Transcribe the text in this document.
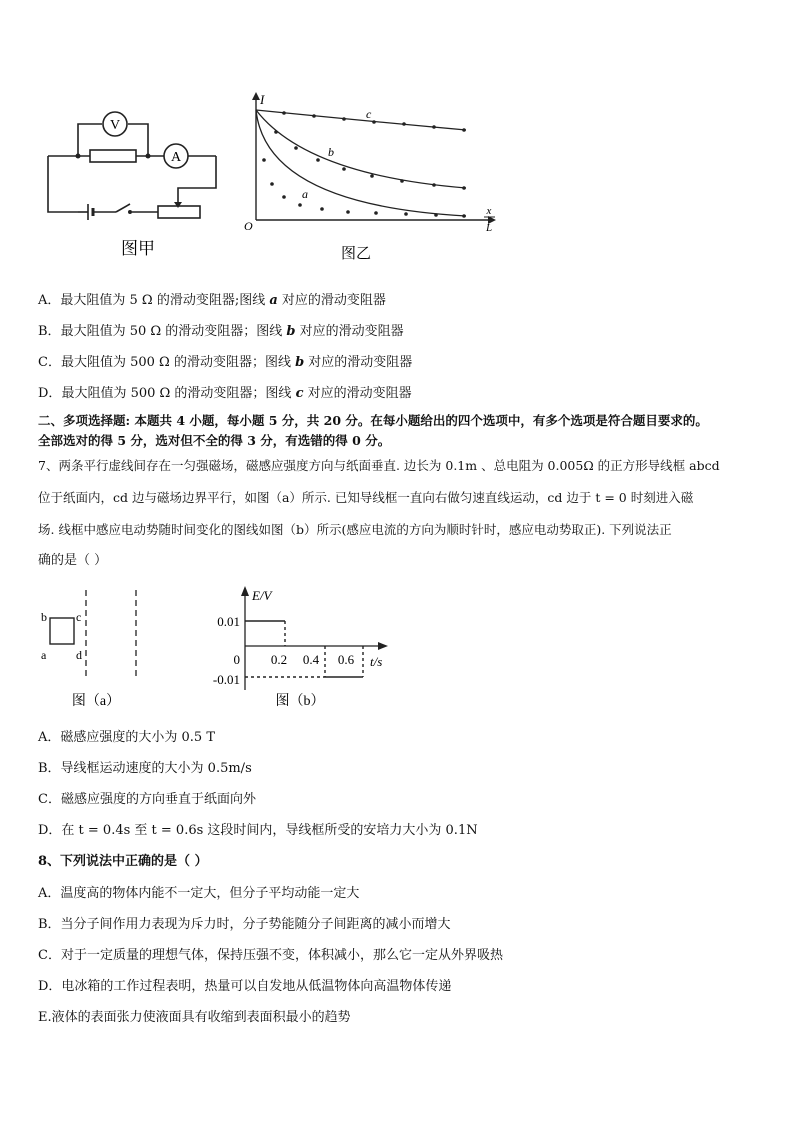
V
A
图甲
I
O
x
L
c
b
a
图乙
A．最大阻值为 5 Ω 的滑动变阻器;图线 a 对应的滑动变阻器
B．最大阻值为 50 Ω 的滑动变阻器；图线 b 对应的滑动变阻器
C．最大阻值为 500 Ω 的滑动变阻器；图线 b 对应的滑动变阻器
D．最大阻值为 500 Ω 的滑动变阻器；图线 c 对应的滑动变阻器
二、多项选择题: 本题共 4 小题，每小题 5 分，共 20 分。在每小题给出的四个选项中，有多个选项是符合题目要求的。
全部选对的得 5 分，选对但不全的得 3 分，有选错的得 0 分。
7、两条平行虚线间存在一匀强磁场，磁感应强度方向与纸面垂直. 边长为 0.1m 、总电阻为 0.005Ω 的正方形导线框 abcd
位于纸面内，cd 边与磁场边界平行，如图（a）所示. 已知导线框一直向右做匀速直线运动，cd 边于 t = 0 时刻进入磁
场. 线框中感应电动势随时间变化的图线如图（b）所示(感应电流的方向为顺时针时，感应电动势取正). 下列说法正
确的是（ ）
b c
a d
图（a）
E/V
0.01
0
-0.01
0.2 0.4 0.6 t/s
图（b）
A．磁感应强度的大小为 0.5 T
B．导线框运动速度的大小为 0.5m/s
C．磁感应强度的方向垂直于纸面向外
D．在 t = 0.4s 至 t = 0.6s 这段时间内，导线框所受的安培力大小为 0.1N
8、下列说法中正确的是（ ）
A．温度高的物体内能不一定大，但分子平均动能一定大
B．当分子间作用力表现为斥力时，分子势能随分子间距离的减小而增大
C．对于一定质量的理想气体，保持压强不变，体积减小，那么它一定从外界吸热
D．电冰箱的工作过程表明，热量可以自发地从低温物体向高温物体传递
E.液体的表面张力使液面具有收缩到表面积最小的趋势
